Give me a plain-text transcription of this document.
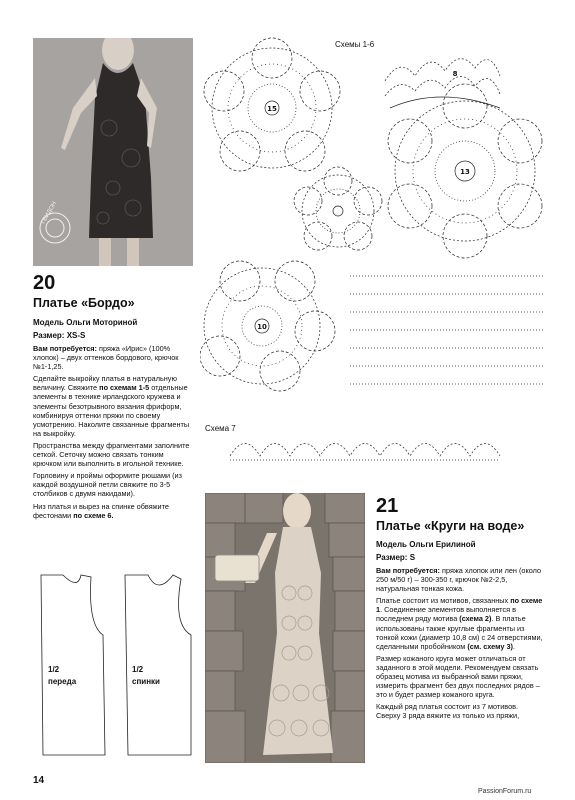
ГВИДОН
Схемы 1-6
15
13
10
8
Схема 7
20
Платье «Бордо»
Модель Ольги Моториной
Размер: XS-S

Вам потребуется: пряжа «Ирис» (100% хлопок) – двух оттенков бордового, крючок №1-1,25.

Сделайте выкройку платья в натуральную величину. Свяжите по схемам 1-5 отдельные элементы в технике ирландского кружева и элементы безотрывного вязания фриформ, комбинируя оттенки пряжи по своему усмотрению. Наколите связанные фрагменты на выкройку.

Пространства между фрагментами заполните сеткой. Сеточку можно связать тонким крючком или выполнить в игольной технике.

Горловину и проймы оформите рюшами (из каждой воздушной петли свяжите по 3-5 столбиков с двумя накидами).

Низ платья и вырез на спинке обвяжите фестонами по схеме 6.

1/2
переда
1/2
спинки
21
Платье «Круги на воде»
Модель Ольги Ерилиной
Размер: S

Вам потребуется: пряжа хлопок или лен (около 250 м/50 г) – 300-350 г, крючок №2-2,5, натуральная тонкая кожа.

Платье состоит из мотивов, связанных по схеме 1. Соединение элементов выполняется в последнем ряду мотива (схема 2). В платье использованы также круглые фрагменты из тонкой кожи (диаметр 10,8 см) с 24 отверстиями, сделанными пробойником (см. схему 3).

Размер кожаного круга может отличаться от заданного в этой модели. Рекомендуем связать образец мотива из выбранной вами пряжи, измерить фрагмент без двух последних рядов – это и будет размер кожаного круга.

Каждый ряд платья состоит из 7 мотивов. Сверху 3 ряда вяжите из только из пряжи,

14
PassionForum.ru
